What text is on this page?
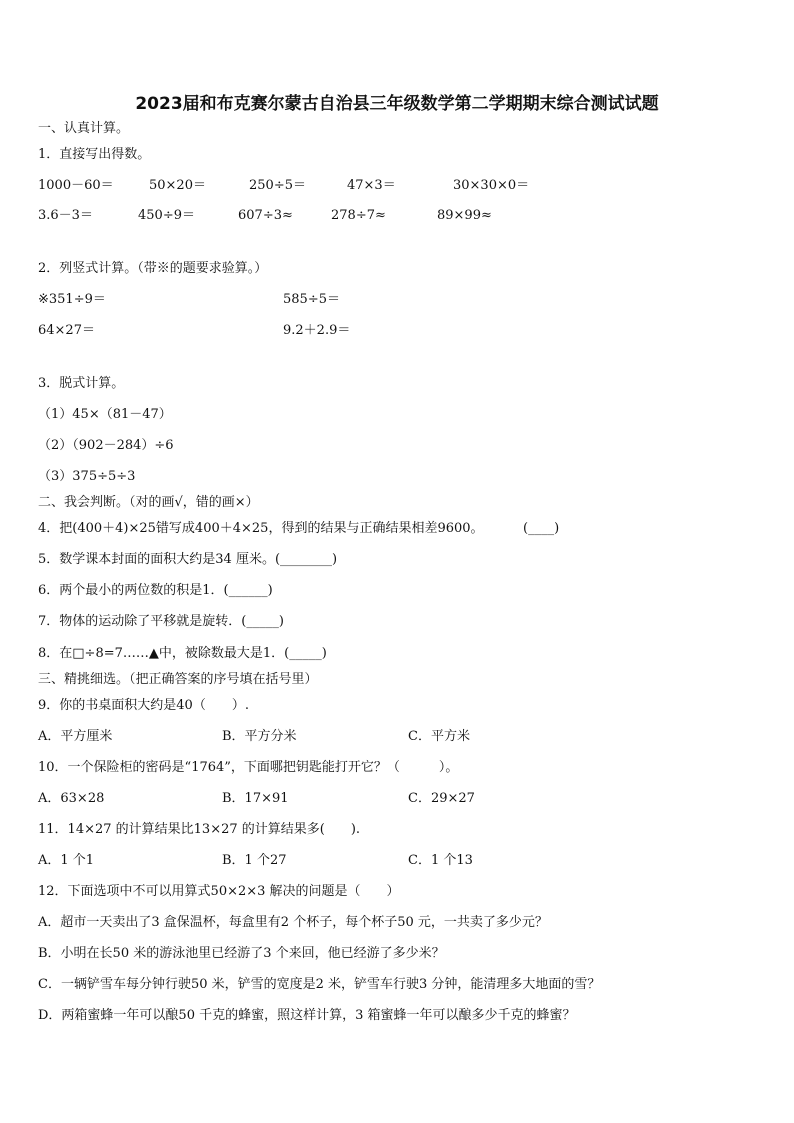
2023届和布克赛尔蒙古自治县三年级数学第二学期期末综合测试试题
一、认真计算。
1．直接写出得数。
1000－60＝	50×20＝	250÷5＝	47×3＝	30×30×0＝
3.6－3＝	450÷9＝	607÷3≈	278÷7≈	89×99≈
2．列竖式计算。（带※的题要求验算。）
※351÷9＝	585÷5＝
64×27＝	9.2＋2.9＝
3．脱式计算。
（1）45×（81－47）
（2）（902－284）÷6
（3）375÷5÷3
二、我会判断。（对的画√，错的画×）
4．把(400＋4)×25错写成400＋4×25，得到的结果与正确结果相差9600。	(____)
5．数学课本封面的面积大约是34 厘米。(________)
6．两个最小的两位数的积是1．(______)
7．物体的运动除了平移就是旋转．(_____)
8．在□÷8=7……▲中，被除数最大是1．(_____)
三、精挑细选。（把正确答案的序号填在括号里）
9．你的书桌面积大约是40（　　）.
A．平方厘米	B．平方分米	C．平方米
10．一个保险柜的密码是“1764”，下面哪把钥匙能打开它？（　　　）。
A．63×28	B．17×91	C．29×27
11．14×27 的计算结果比13×27 的计算结果多(　　).
A．1 个1	B．1 个27	C．1 个13
12．下面选项中不可以用算式50×2×3 解决的问题是（　　）
A．超市一天卖出了3 盒保温杯，每盒里有2 个杯子，每个杯子50 元，一共卖了多少元？
B．小明在长50 米的游泳池里已经游了3 个来回，他已经游了多少米？
C．一辆铲雪车每分钟行驶50 米，铲雪的宽度是2 米，铲雪车行驶3 分钟，能清理多大地面的雪？
D．两箱蜜蜂一年可以酿50 千克的蜂蜜，照这样计算，3 箱蜜蜂一年可以酿多少千克的蜂蜜？
